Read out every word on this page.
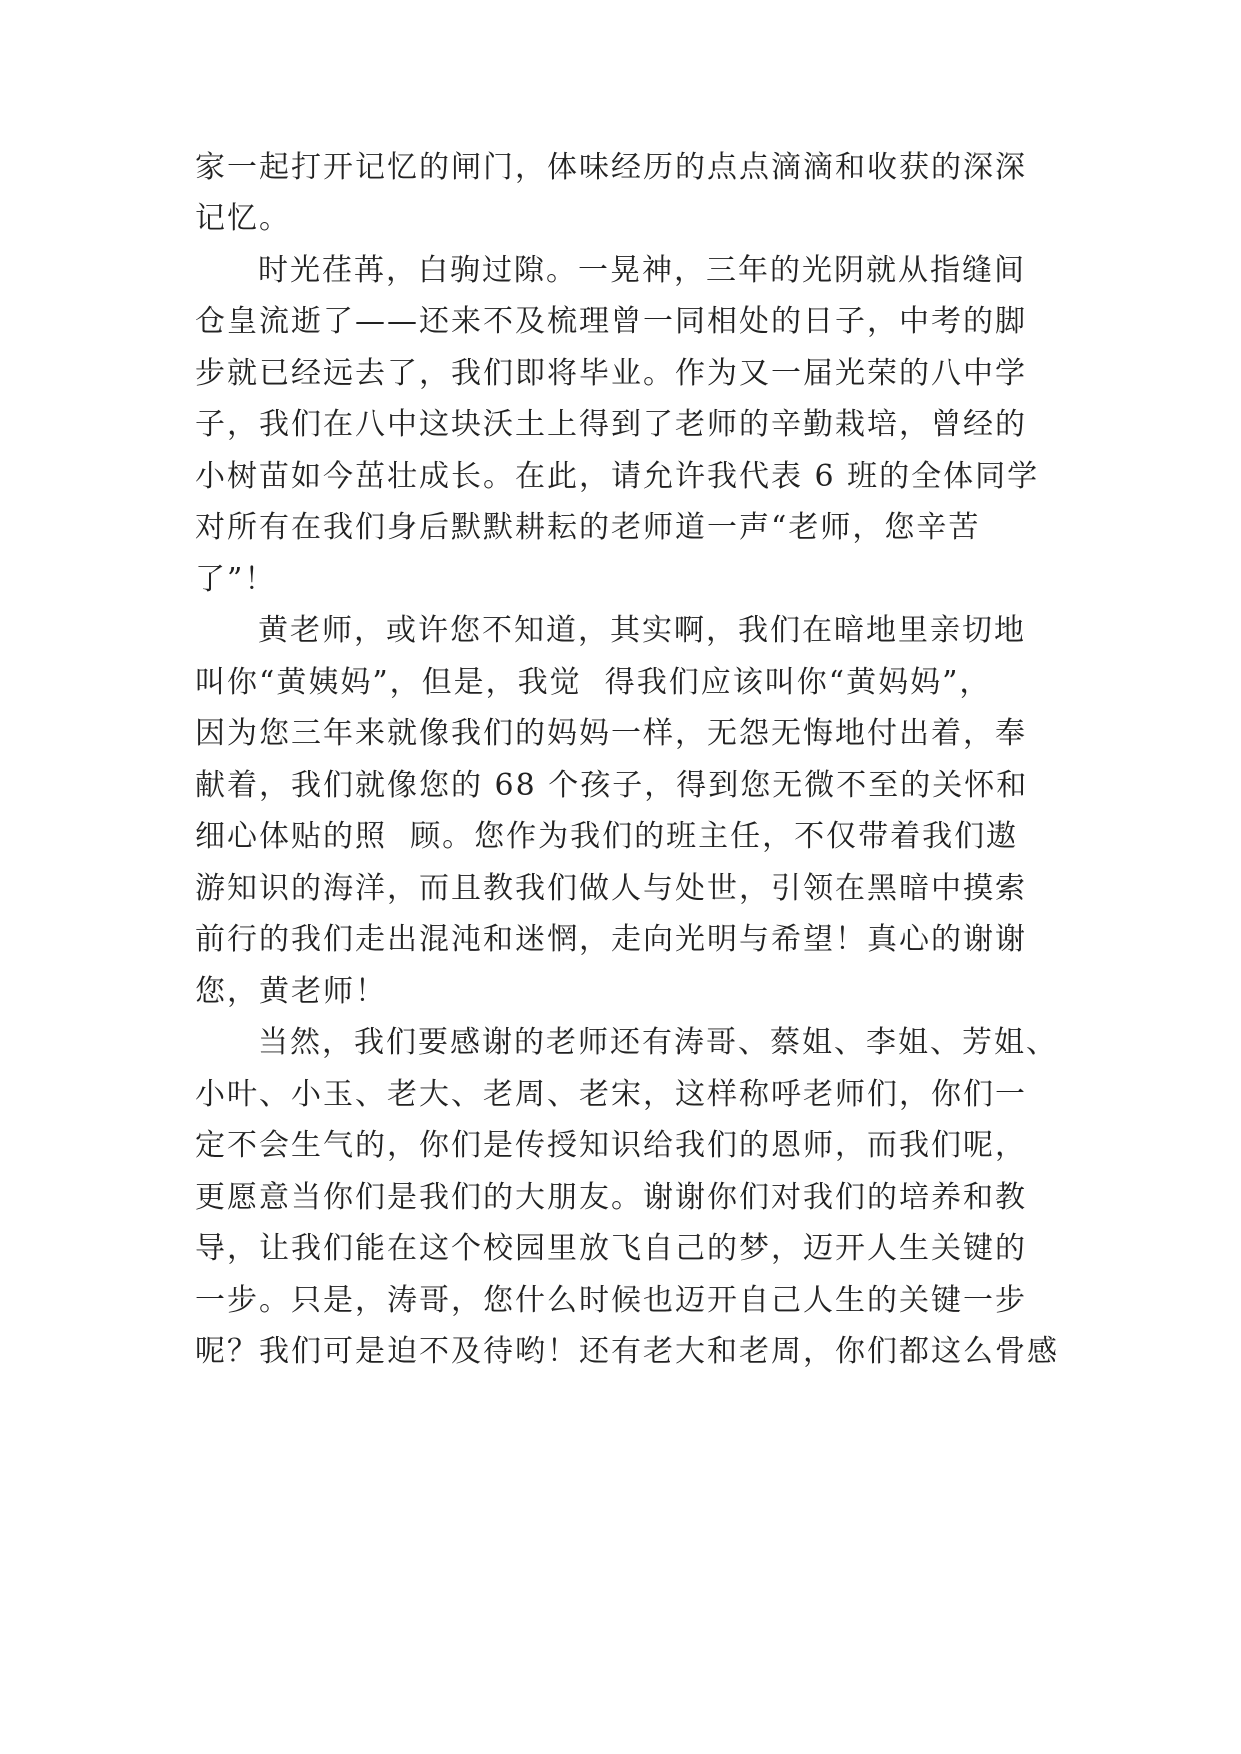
家一起打开记忆的闸门，体味经历的点点滴滴和收获的深深
记忆。
时光荏苒，白驹过隙。一晃神，三年的光阴就从指缝间
仓皇流逝了——还来不及梳理曾一同相处的日子，中考的脚
步就已经远去了，我们即将毕业。作为又一届光荣的八中学
子，我们在八中这块沃土上得到了老师的辛勤栽培，曾经的
小树苗如今茁壮成长。在此，请允许我代表 6 班的全体同学
对所有在我们身后默默耕耘的老师道一声“老师，您辛苦
了”！
黄老师，或许您不知道，其实啊，我们在暗地里亲切地
叫你“黄姨妈”，但是，我觉  得我们应该叫你“黄妈妈”，
因为您三年来就像我们的妈妈一样，无怨无悔地付出着，奉
献着，我们就像您的 68 个孩子，得到您无微不至的关怀和
细心体贴的照  顾。您作为我们的班主任，不仅带着我们遨
游知识的海洋，而且教我们做人与处世，引领在黑暗中摸索
前行的我们走出混沌和迷惘，走向光明与希望！真心的谢谢
您，黄老师！
当然，我们要感谢的老师还有涛哥、蔡姐、李姐、芳姐、
小叶、小玉、老大、老周、老宋，这样称呼老师们，你们一
定不会生气的，你们是传授知识给我们的恩师，而我们呢，
更愿意当你们是我们的大朋友。谢谢你们对我们的培养和教
导，让我们能在这个校园里放飞自己的梦，迈开人生关键的
一步。只是，涛哥，您什么时候也迈开自己人生的关键一步
呢？我们可是迫不及待哟！还有老大和老周，你们都这么骨感
